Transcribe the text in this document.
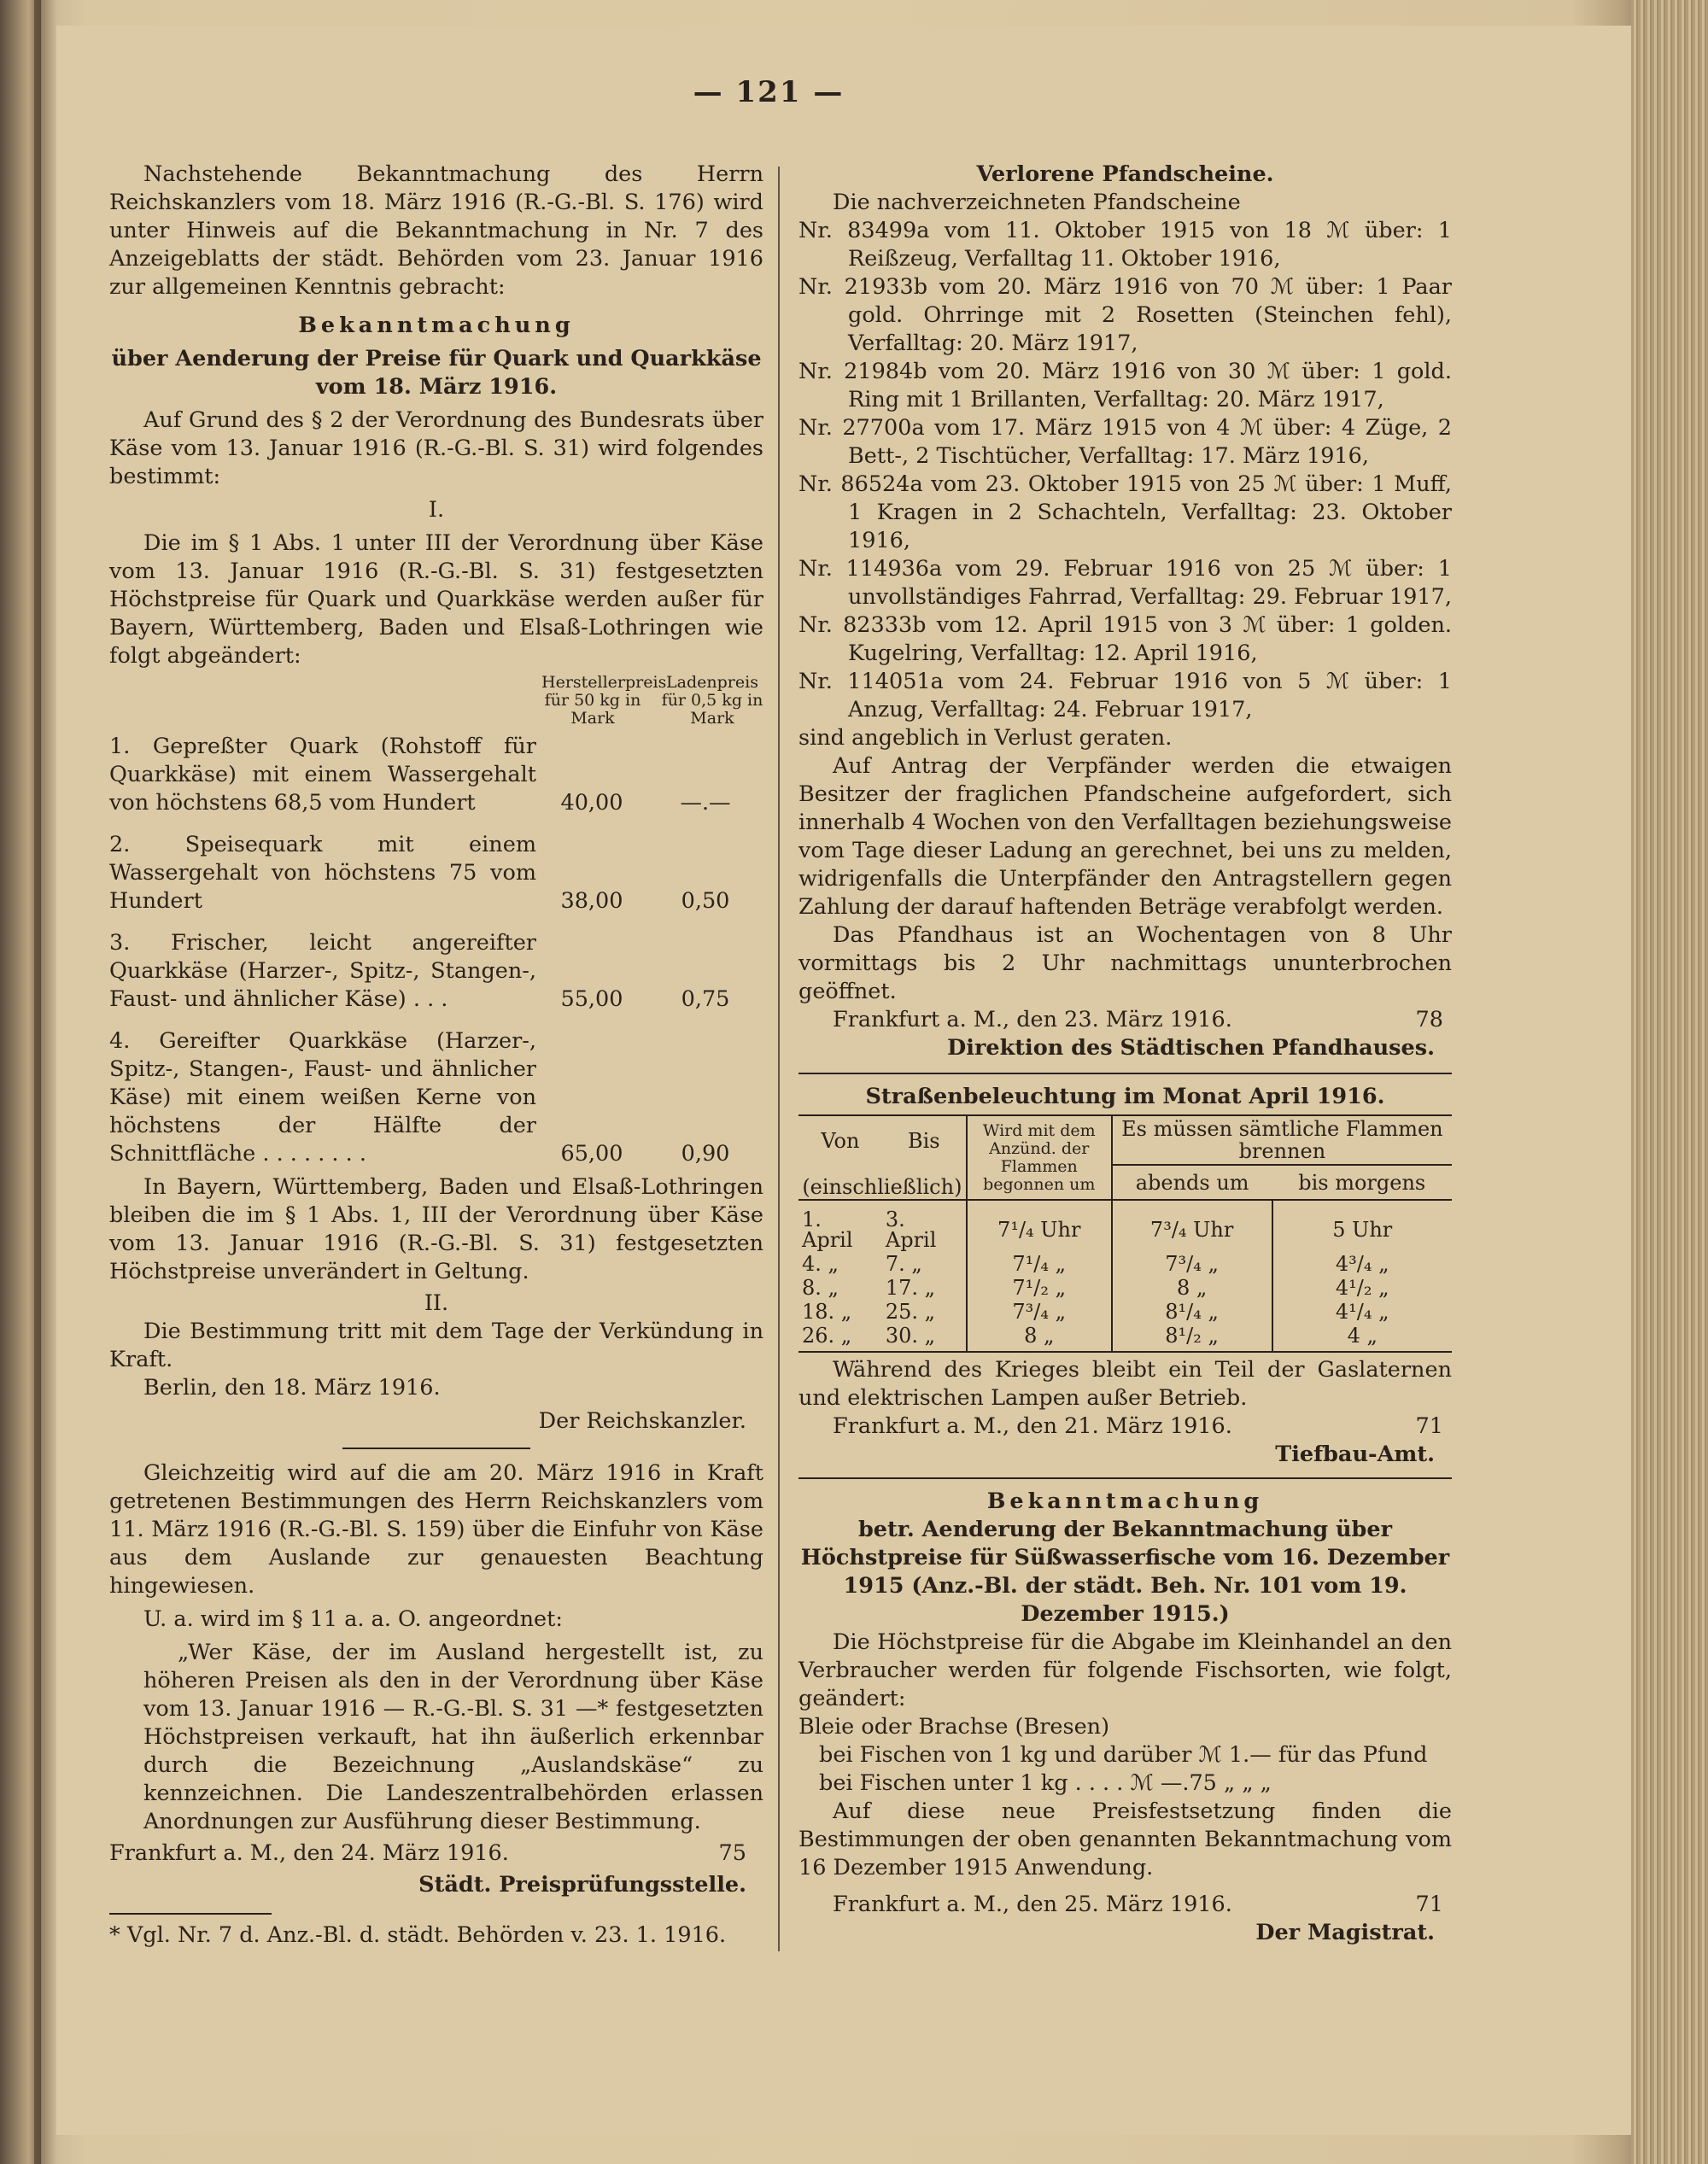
— 121 —

Nachstehende Bekanntmachung des Herrn Reichskanzlers vom 18. März 1916 (R.-G.-Bl. S. 176) wird unter Hinweis auf die Bekanntmachung in Nr. 7 des Anzeigeblatts der städt. Behörden vom 23. Januar 1916 zur allgemeinen Kenntnis gebracht:

Bekanntmachung

über Aenderung der Preise für Quark und Quarkkäse vom 18. März 1916.

Auf Grund des § 2 der Verordnung des Bundesrats über Käse vom 13. Januar 1916 (R.-G.-Bl. S. 31) wird folgendes bestimmt:

I.

Die im § 1 Abs. 1 unter III der Verordnung über Käse vom 13. Januar 1916 (R.-G.-Bl. S. 31) festgesetzten Höchstpreise für Quark und Quarkkäse werden außer für Bayern, Württemberg, Baden und Elsaß-Lothringen wie folgt abgeändert:

Herstellerpreis für 50 kg in Mark
Ladenpreis für 0,5 kg in Mark
1. Gepreßter Quark (Rohstoff für Quarkkäse) mit einem Wassergehalt von höchstens 68,5 vom Hundert	40,00	—.—
2. Speisequark mit einem Wassergehalt von höchstens 75 vom Hundert	38,00	0,50
3. Frischer, leicht angereifter Quarkkäse (Harzer-, Spitz-, Stangen-, Faust- und ähnlicher Käse) . . .	55,00	0,75
4. Gereifter Quarkkäse (Harzer-, Spitz-, Stangen-, Faust- und ähnlicher Käse) mit einem weißen Kerne von höchstens der Hälfte der Schnittfläche . . . . . . . .	65,00	0,90

In Bayern, Württemberg, Baden und Elsaß-Lothringen bleiben die im § 1 Abs. 1, III der Verordnung über Käse vom 13. Januar 1916 (R.-G.-Bl. S. 31) festgesetzten Höchstpreise unverändert in Geltung.

II.

Die Bestimmung tritt mit dem Tage der Verkündung in Kraft.

Berlin, den 18. März 1916.

Der Reichskanzler.

Gleichzeitig wird auf die am 20. März 1916 in Kraft getretenen Bestimmungen des Herrn Reichskanzlers vom 11. März 1916 (R.-G.-Bl. S. 159) über die Einfuhr von Käse aus dem Auslande zur genauesten Beachtung hingewiesen.

U. a. wird im § 11 a. a. O. angeordnet:

„Wer Käse, der im Ausland hergestellt ist, zu höheren Preisen als den in der Verordnung über Käse vom 13. Januar 1916 — R.-G.-Bl. S. 31 —* festgesetzten Höchstpreisen verkauft, hat ihn äußerlich erkennbar durch die Bezeichnung „Auslandskäse“ zu kennzeichnen. Die Landeszentralbehörden erlassen Anordnungen zur Ausführung dieser Bestimmung.

Frankfurt a. M., den 24. März 1916.	75

Städt. Preisprüfungsstelle.

* Vgl. Nr. 7 d. Anz.-Bl. d. städt. Behörden v. 23. 1. 1916.

Verlorene Pfandscheine.

Die nachverzeichneten Pfandscheine

Nr. 83499a vom 11. Oktober 1915 von 18 ℳ über: 1 Reißzeug, Verfalltag 11. Oktober 1916,

Nr. 21933b vom 20. März 1916 von 70 ℳ über: 1 Paar gold. Ohrringe mit 2 Rosetten (Steinchen fehl), Verfalltag: 20. März 1917,

Nr. 21984b vom 20. März 1916 von 30 ℳ über: 1 gold. Ring mit 1 Brillanten, Verfalltag: 20. März 1917,

Nr. 27700a vom 17. März 1915 von 4 ℳ über: 4 Züge, 2 Bett-, 2 Tischtücher, Verfalltag: 17. März 1916,

Nr. 86524a vom 23. Oktober 1915 von 25 ℳ über: 1 Muff, 1 Kragen in 2 Schachteln, Verfalltag: 23. Oktober 1916,

Nr. 114936a vom 29. Februar 1916 von 25 ℳ über: 1 unvollständiges Fahrrad, Verfalltag: 29. Februar 1917,

Nr. 82333b vom 12. April 1915 von 3 ℳ über: 1 golden. Kugelring, Verfalltag: 12. April 1916,

Nr. 114051a vom 24. Februar 1916 von 5 ℳ über: 1 Anzug, Verfalltag: 24. Februar 1917,

sind angeblich in Verlust geraten.

Auf Antrag der Verpfänder werden die etwaigen Besitzer der fraglichen Pfandscheine aufgefordert, sich innerhalb 4 Wochen von den Verfalltagen beziehungsweise vom Tage dieser Ladung an gerechnet, bei uns zu melden, widrigenfalls die Unterpfänder den Antragstellern gegen Zahlung der darauf haftenden Beträge verabfolgt werden.

Das Pfandhaus ist an Wochentagen von 8 Uhr vormittags bis 2 Uhr nachmittags ununterbrochen geöffnet.

Frankfurt a. M., den 23. März 1916.	78

Direktion des Städtischen Pfandhauses.

Straßenbeleuchtung im Monat April 1916.

Von	Bis	Wird mit dem Anzünd. der Flammen begonnen um	Es müssen sämtliche Flammen brennen	
(einschließlich)			abends um	bis morgens
1. April	3. April	7¹/₄ Uhr	7³/₄ Uhr	5 Uhr
4. „	7. „	7¹/₄ „	7³/₄ „	4³/₄ „
8. „	17. „	7¹/₂ „	8 „	4¹/₂ „
18. „	25. „	7³/₄ „	8¹/₄ „	4¹/₄ „
26. „	30. „	8 „	8¹/₂ „	4 „

Während des Krieges bleibt ein Teil der Gaslaternen und elektrischen Lampen außer Betrieb.

Frankfurt a. M., den 21. März 1916.	71

Tiefbau-Amt.

Bekanntmachung

betr. Aenderung der Bekanntmachung über Höchstpreise für Süßwasserfische vom 16. Dezember 1915 (Anz.-Bl. der städt. Beh. Nr. 101 vom 19. Dezember 1915.)

Die Höchstpreise für die Abgabe im Kleinhandel an den Verbraucher werden für folgende Fischsorten, wie folgt, geändert:

Bleie oder Brachse (Bresen)

bei Fischen von 1 kg und darüber ℳ 1.— für das Pfund

bei Fischen unter 1 kg . . . . ℳ —.75 „ „ „

Auf diese neue Preisfestsetzung finden die Bestimmungen der oben genannten Bekanntmachung vom 16 Dezember 1915 Anwendung.

Frankfurt a. M., den 25. März 1916.	71

Der Magistrat.
